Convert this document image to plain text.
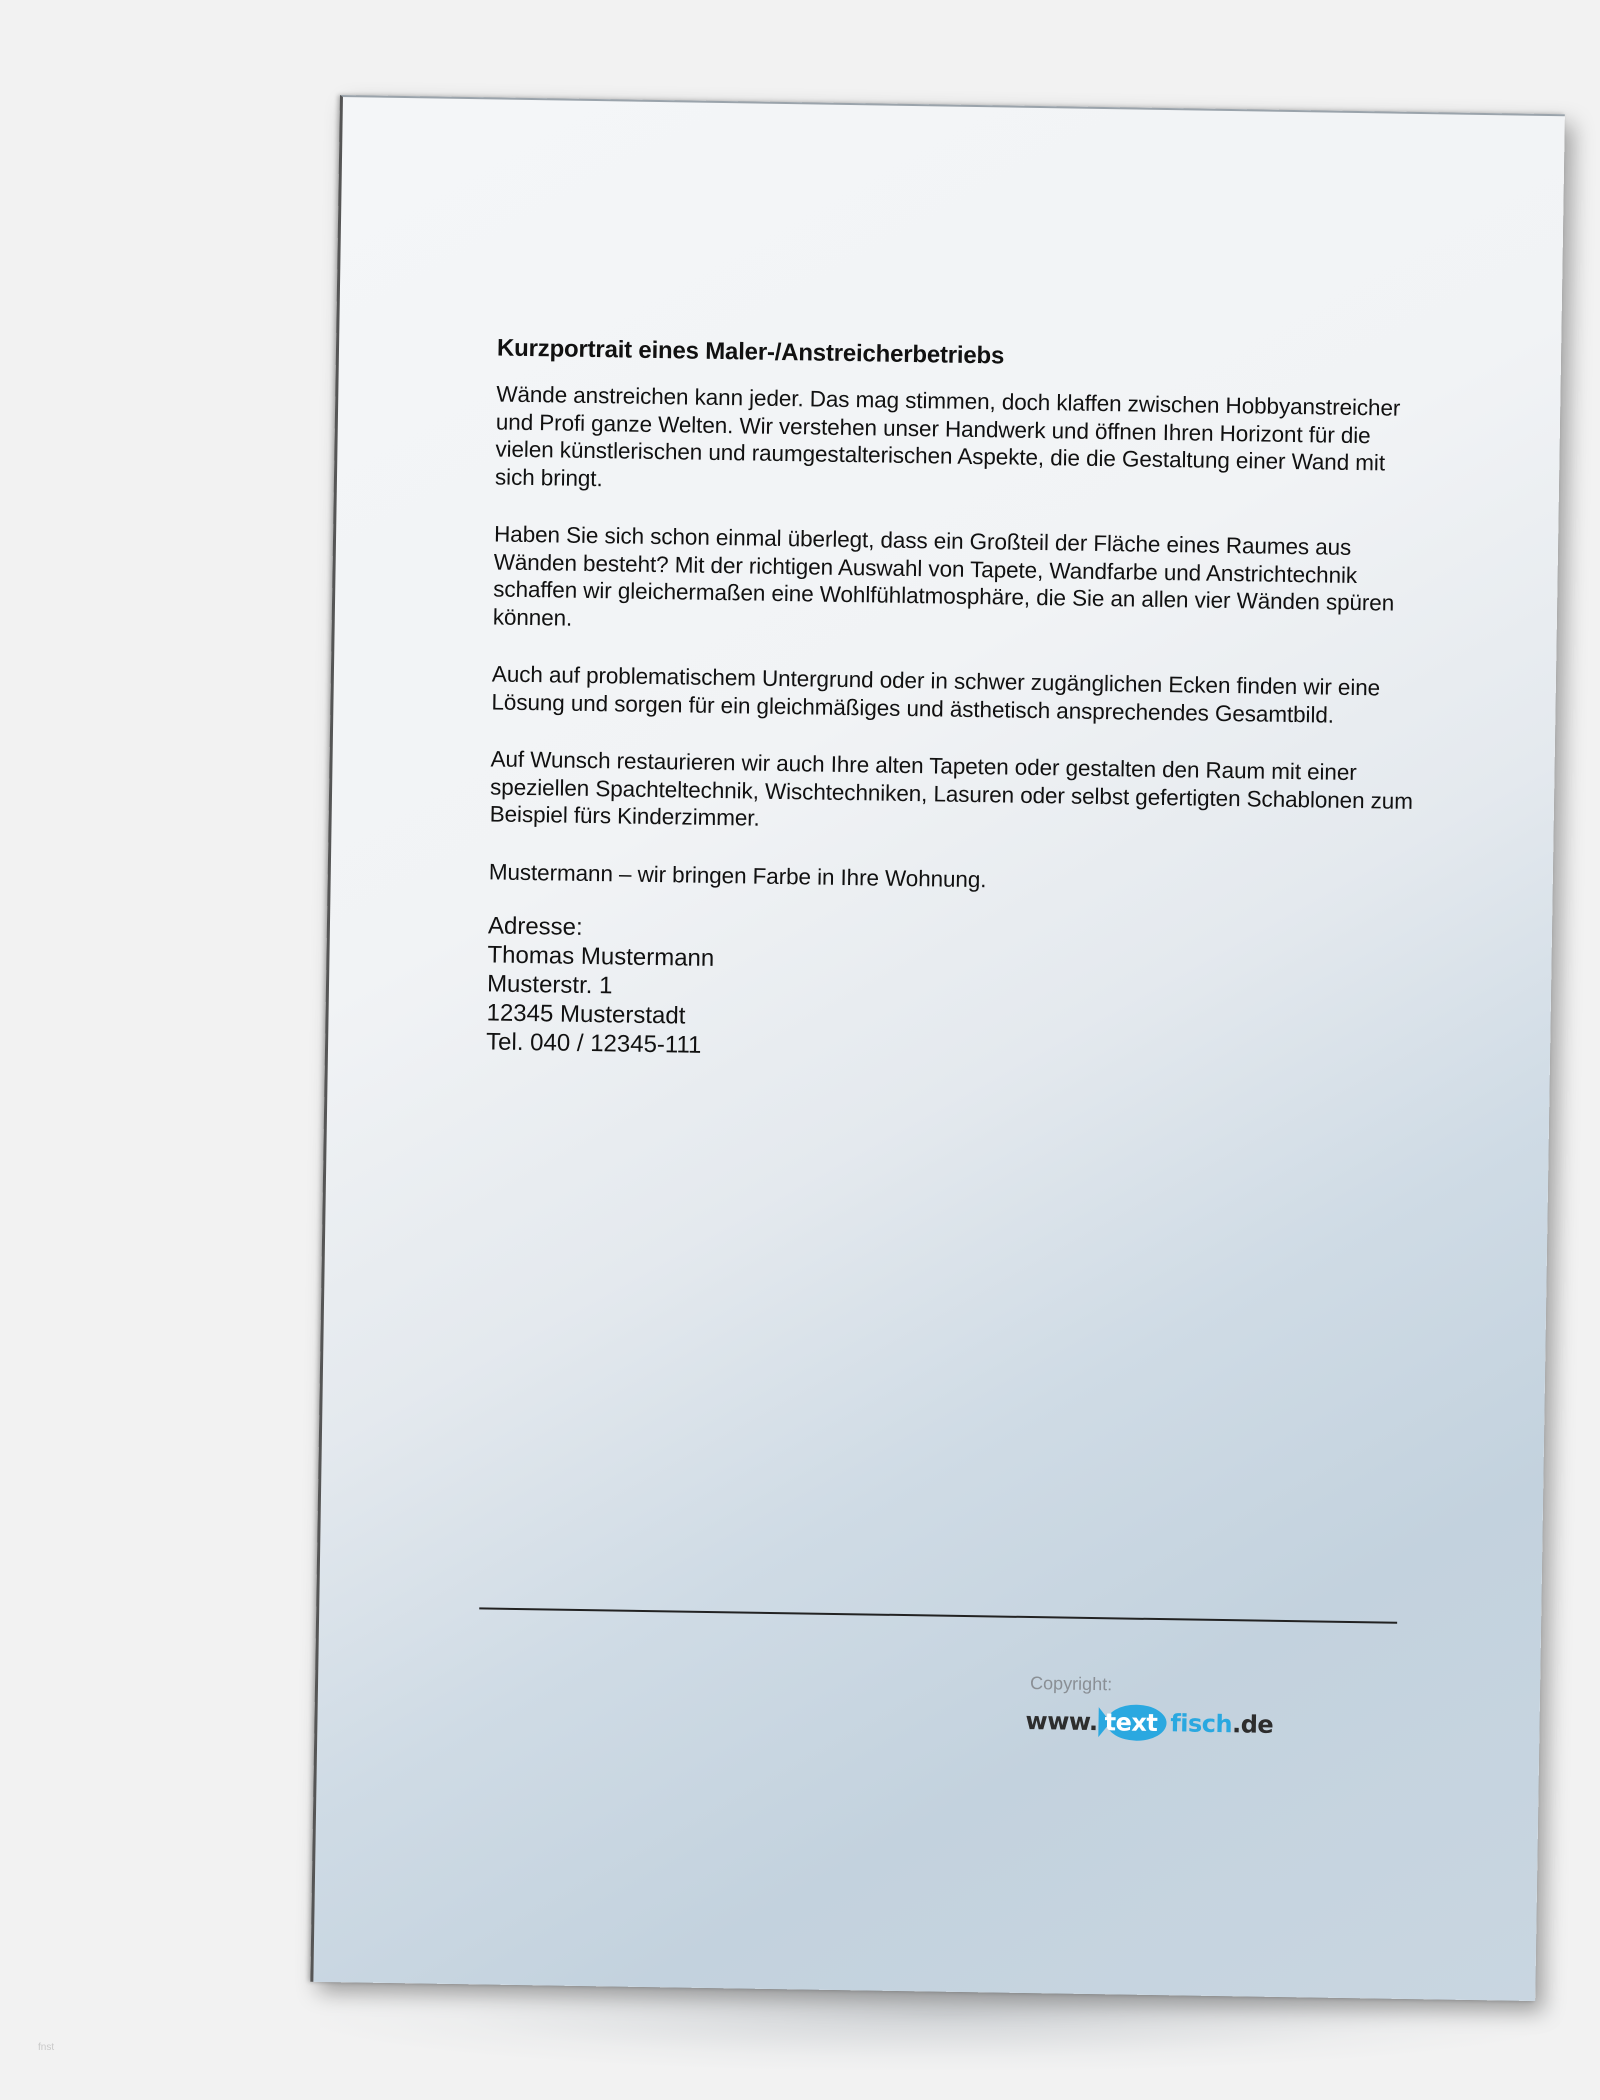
Kurzportrait eines Maler-/Anstreicherbetriebs

Wände anstreichen kann jeder. Das mag stimmen, doch klaffen zwischen Hobbyanstreicher und Profi ganze Welten. Wir verstehen unser Handwerk und öffnen Ihren Horizont für die vielen künstlerischen und raumgestalterischen Aspekte, die die Gestaltung einer Wand mit sich bringt.

Haben Sie sich schon einmal überlegt, dass ein Großteil der Fläche eines Raumes aus Wänden besteht? Mit der richtigen Auswahl von Tapete, Wandfarbe und Anstrichtechnik schaffen wir gleichermaßen eine Wohlfühlatmosphäre, die Sie an allen vier Wänden spüren können.

Auch auf problematischem Untergrund oder in schwer zugänglichen Ecken finden wir eine Lösung und sorgen für ein gleichmäßiges und ästhetisch ansprechendes Gesamtbild.

Auf Wunsch restaurieren wir auch Ihre alten Tapeten oder gestalten den Raum mit einer speziellen Spachteltechnik, Wischtechniken, Lasuren oder selbst gefertigten Schablonen zum Beispiel fürs Kinderzimmer.

Mustermann – wir bringen Farbe in Ihre Wohnung.

Adresse:
Thomas Mustermann
Musterstr. 1
12345 Musterstadt
Tel. 040 / 12345-111
Copyright:
www. text fisch .de
fnst
